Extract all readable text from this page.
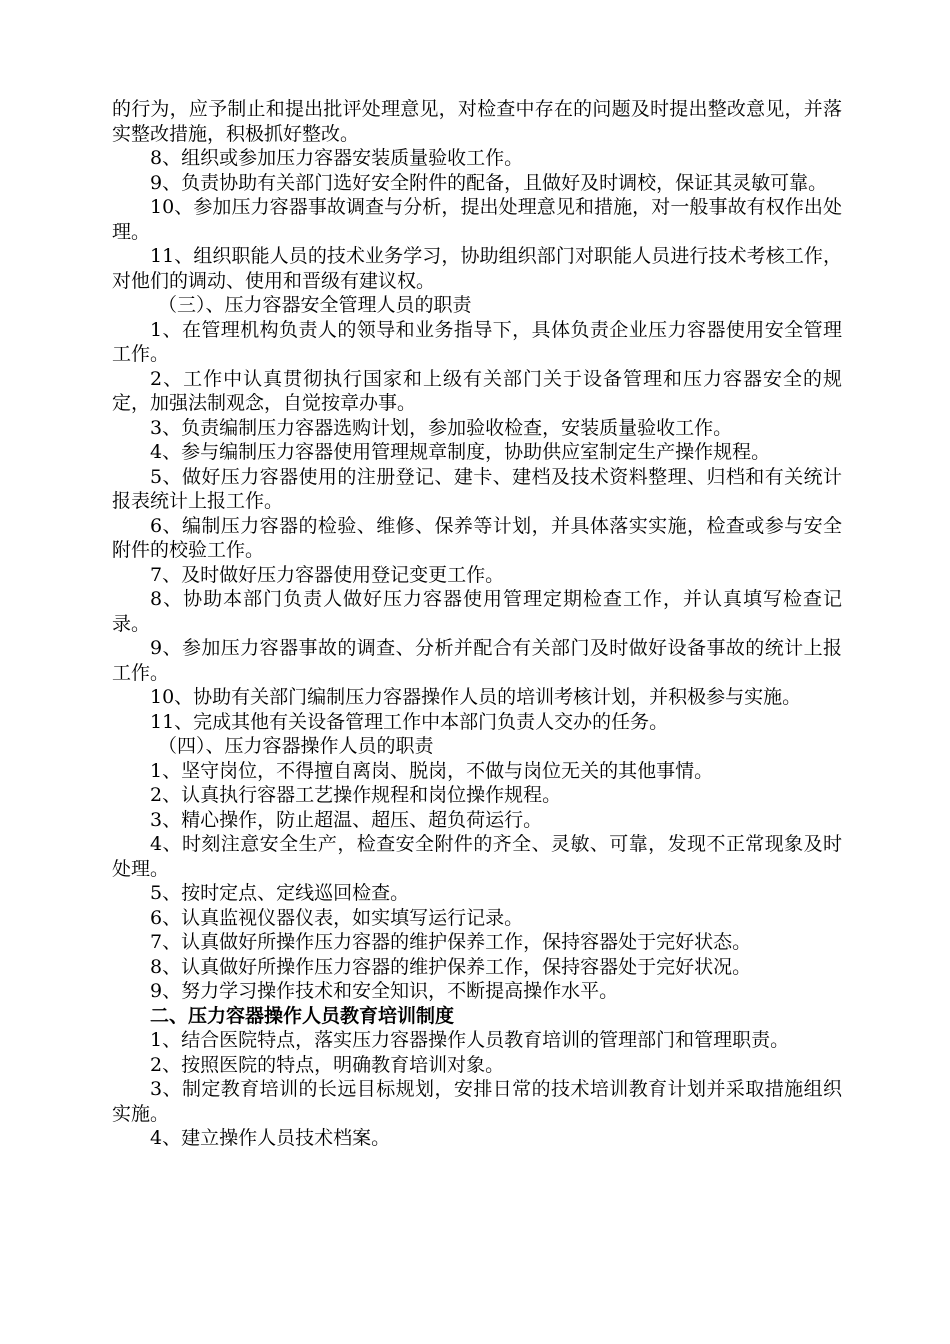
的行为，应予制止和提出批评处理意见，对检查中存在的问题及时提出整改意见，并落实整改措施，积极抓好整改。

8、组织或参加压力容器安装质量验收工作。

9、负责协助有关部门选好安全附件的配备，且做好及时调校，保证其灵敏可靠。

10、参加压力容器事故调查与分析，提出处理意见和措施，对一般事故有权作出处理。

11、组织职能人员的技术业务学习，协助组织部门对职能人员进行技术考核工作，对他们的调动、使用和晋级有建议权。

（三）、压力容器安全管理人员的职责

1、在管理机构负责人的领导和业务指导下，具体负责企业压力容器使用安全管理工作。

2、工作中认真贯彻执行国家和上级有关部门关于设备管理和压力容器安全的规定，加强法制观念，自觉按章办事。

3、负责编制压力容器选购计划，参加验收检查，安装质量验收工作。

4、参与编制压力容器使用管理规章制度，协助供应室制定生产操作规程。

5、做好压力容器使用的注册登记、建卡、建档及技术资料整理、归档和有关统计报表统计上报工作。

6、编制压力容器的检验、维修、保养等计划，并具体落实实施，检查或参与安全附件的校验工作。

7、及时做好压力容器使用登记变更工作。

8、协助本部门负责人做好压力容器使用管理定期检查工作，并认真填写检查记录。

9、参加压力容器事故的调查、分析并配合有关部门及时做好设备事故的统计上报工作。

10、协助有关部门编制压力容器操作人员的培训考核计划，并积极参与实施。

11、完成其他有关设备管理工作中本部门负责人交办的任务。

（四）、压力容器操作人员的职责

1、坚守岗位，不得擅自离岗、脱岗，不做与岗位无关的其他事情。

2、认真执行容器工艺操作规程和岗位操作规程。

3、精心操作，防止超温、超压、超负荷运行。

4、时刻注意安全生产，检查安全附件的齐全、灵敏、可靠，发现不正常现象及时处理。

5、按时定点、定线巡回检查。

6、认真监视仪器仪表，如实填写运行记录。

7、认真做好所操作压力容器的维护保养工作，保持容器处于完好状态。

8、认真做好所操作压力容器的维护保养工作，保持容器处于完好状况。

9、努力学习操作技术和安全知识，不断提高操作水平。

二、压力容器操作人员教育培训制度

1、结合医院特点，落实压力容器操作人员教育培训的管理部门和管理职责。

2、按照医院的特点，明确教育培训对象。

3、制定教育培训的长远目标规划，安排日常的技术培训教育计划并采取措施组织实施。

4、建立操作人员技术档案。
